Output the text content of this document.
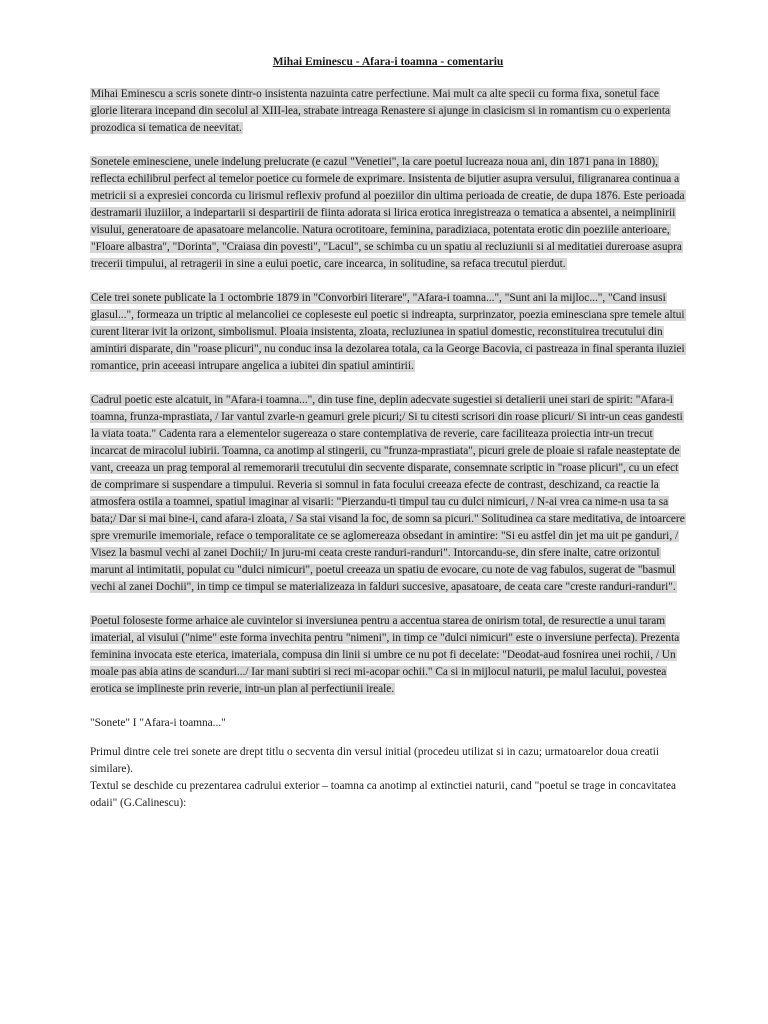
Mihai Eminescu - Afara-i toamna - comentariu
Mihai Eminescu a scris sonete dintr-o insistenta nazuinta catre perfectiune. Mai mult ca alte specii cu forma fixa, sonetul face glorie literara incepand din secolul al XIII-lea, strabate intreaga Renastere si ajunge in clasicism si in romantism cu o experienta prozodica si tematica de neevitat.
Sonetele eminesciene, unele indelung prelucrate (e cazul "Venetiei", la care poetul lucreaza noua ani, din 1871 pana in 1880), reflecta echilibrul perfect al temelor poetice cu formele de exprimare. Insistenta de bijutier asupra versului, filigranarea continua a metricii si a expresiei concorda cu lirismul reflexiv profund al poeziilor din ultima perioada de creatie, de dupa 1876. Este perioada destramarii iluziilor, a indepartarii si despartirii de fiinta adorata si lirica erotica inregistreaza o tematica a absentei, a neimplinirii visului, generatoare de apasatoare melancolie. Natura ocrotitoare, feminina, paradiziaca, potentata erotic din poeziile anterioare, "Floare albastra", "Dorinta", "Craiasa din povesti", "Lacul", se schimba cu un spatiu al recluziunii si al meditatiei dureroase asupra trecerii timpului, al retragerii in sine a eului poetic, care incearca, in solitudine, sa refaca trecutul pierdut.
Cele trei sonete publicate la 1 octombrie 1879 in "Convorbiri literare", "Afara-i toamna...", "Sunt ani la mijloc...", "Cand insusi glasul...", formeaza un triptic al melancoliei ce copleseste eul poetic si indreapta, surprinzator, poezia eminesciana spre temele altui curent literar ivit la orizont, simbolismul. Ploaia insistenta, zloata, recluziunea in spatiul domestic, reconstituirea trecutului din amintiri disparate, din "roase plicuri", nu conduc insa la dezolarea totala, ca la George Bacovia, ci pastreaza in final speranta iluziei romantice, prin aceeasi intrupare angelica a iubitei din spatiul amintirii.
Cadrul poetic este alcatuit, in "Afara-i toamna...", din tuse fine, deplin adecvate sugestiei si detalierii unei stari de spirit: "Afara-i toamna, frunza-mprastiata, / Iar vantul zvarle-n geamuri grele picuri;/ Si tu citesti scrisori din roase plicuri/ Si intr-un ceas gandesti la viata toata." Cadenta rara a elementelor sugereaza o stare contemplativa de reverie, care faciliteaza proiectia intr-un trecut incarcat de miracolul iubirii. Toamna, ca anotimp al stingerii, cu "frunza-mprastiata", picuri grele de ploaie si rafale neasteptate de vant, creeaza un prag temporal al rememorarii trecutului din secvente disparate, consemnate scriptic in "roase plicuri", cu un efect de comprimare si suspendare a timpului. Reveria si somnul in fata focului creeaza efecte de contrast, deschizand, ca reactie la atmosfera ostila a toamnei, spatiul imaginar al visarii: "Pierzandu-ti timpul tau cu dulci nimicuri, / N-ai vrea ca nime-n usa ta sa bata;/ Dar si mai bine-i, cand afara-i zloata, / Sa stai visand la foc, de somn sa picuri." Solitudinea ca stare meditativa, de intoarcere spre vremurile imemoriale, reface o temporalitate ce se aglomereaza obsedant in amintire: "Si eu astfel din jet ma uit pe ganduri, / Visez la basmul vechi al zanei Dochii;/ In juru-mi ceata creste randuri-randuri". Intorcandu-se, din sfere inalte, catre orizontul marunt al intimitatii, populat cu "dulci nimicuri", poetul creeaza un spatiu de evocare, cu note de vag fabulos, sugerat de "basmul vechi al zanei Dochii", in timp ce timpul se materializeaza in falduri succesive, apasatoare, de ceata care "creste randuri-randuri".
Poetul foloseste forme arhaice ale cuvintelor si inversiunea pentru a accentua starea de onirism total, de resurectie a unui taram imaterial, al visului ("nime" este forma invechita pentru "nimeni", in timp ce "dulci nimicuri" este o inversiune perfecta). Prezenta feminina invocata este eterica, imateriala, compusa din linii si umbre ce nu pot fi decelate: "Deodat-aud fosnirea unei rochii, / Un moale pas abia atins de scanduri.../ Iar mani subtiri si reci mi-acopar ochii." Ca si in mijlocul naturii, pe malul lacului, povestea erotica se implineste prin reverie, intr-un plan al perfectiunii ireale.
"Sonete" I "Afara-i toamna..."
Primul dintre cele trei sonete are drept titlu o secventa din versul initial (procedeu utilizat si in cazu; urmatoarelor doua creatii similare).
Textul se deschide cu prezentarea cadrului exterior – toamna ca anotimp al extinctiei naturii, cand "poetul se trage in concavitatea odaii" (G.Calinescu):
